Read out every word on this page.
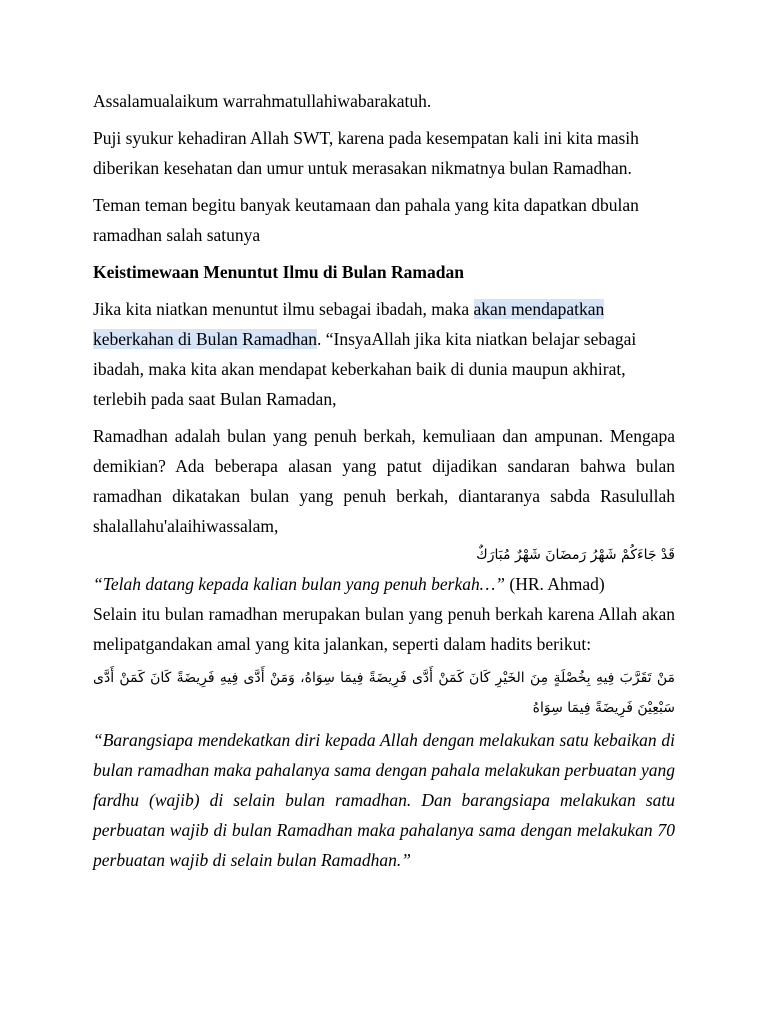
Assalamualaikum warrahmatullahiwabarakatuh.

Puji syukur kehadiran Allah SWT, karena pada kesempatan kali ini kita masih diberikan kesehatan dan umur untuk merasakan nikmatnya bulan Ramadhan.

Teman teman begitu banyak keutamaan dan pahala yang kita dapatkan dbulan ramadhan salah satunya

Keistimewaan Menuntut Ilmu di Bulan Ramadan

Jika kita niatkan menuntut ilmu sebagai ibadah, maka akan mendapatkan keberkahan di Bulan Ramadhan. “InsyaAllah jika kita niatkan belajar sebagai ibadah, maka kita akan mendapat keberkahan baik di dunia maupun akhirat, terlebih pada saat Bulan Ramadan,

Ramadhan adalah bulan yang penuh berkah, kemuliaan dan ampunan. Mengapa demikian? Ada beberapa alasan yang patut dijadikan sandaran bahwa bulan ramadhan dikatakan bulan yang penuh berkah, diantaranya sabda Rasulullah shalallahu'alaihiwassalam,

قَدْ جَاءَكُمْ شَهْرُ رَمضَانَ شَهْرٌ مُبَارَكٌ

“Telah datang kepada kalian bulan yang penuh berkah…” (HR. Ahmad)

Selain itu bulan ramadhan merupakan bulan yang penuh berkah karena Allah akan melipatgandakan amal yang kita jalankan, seperti dalam hadits berikut:

مَنْ تَقَرَّبَ فِيهِ بِخُصْلَةٍ مِنَ الخَيْرِ كَانَ كَمَنْ أَدَّى فَرِيضَةً فِيمَا سِوَاهُ، وَمَنْ أَدَّى فِيهِ فَرِيضَةً كَانَ كَمَنْ أَدَّى سَبْعِيْنَ فَرِيضَةً فِيمَا سِوَاهُ

“Barangsiapa mendekatkan diri kepada Allah dengan melakukan satu kebaikan di bulan ramadhan maka pahalanya sama dengan pahala melakukan perbuatan yang fardhu (wajib) di selain bulan ramadhan. Dan barangsiapa melakukan satu perbuatan wajib di bulan Ramadhan maka pahalanya sama dengan melakukan 70 perbuatan wajib di selain bulan Ramadhan.”
